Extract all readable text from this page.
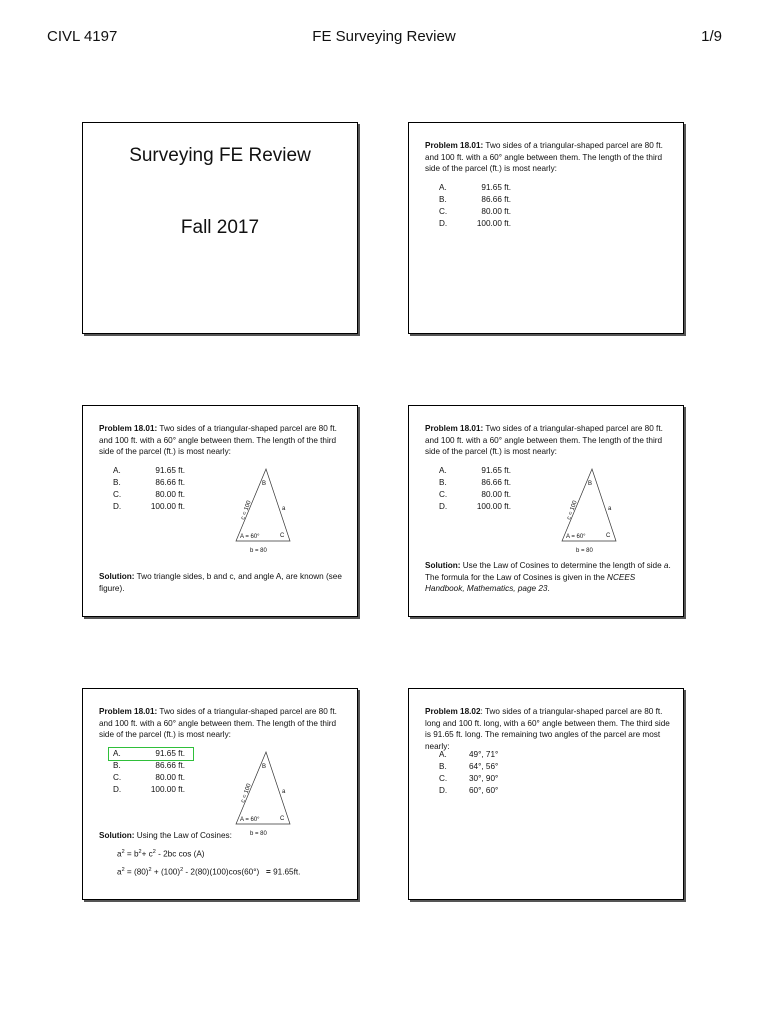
CIVL 4197	FE Surveying Review	1/9
Surveying FE Review
Fall 2017
Problem 18.01: Two sides of a triangular-shaped parcel are 80 ft. and 100 ft. with a 60° angle between them. The length of the third side of the parcel (ft.) is most nearly:
A.	91.65 ft.
B.	86.66 ft.
C.	80.00 ft.
D.	100.00 ft.
Problem 18.01: Two sides of a triangular-shaped parcel are 80 ft. and 100 ft. with a 60° angle between them. The length of the third side of the parcel (ft.) is most nearly:
A.	91.65 ft.
B.	86.66 ft.
C.	80.00 ft.
D.	100.00 ft.
B
a
c = 100
A = 60°	C
b = 80
Solution: Two triangle sides, b and c, and angle A, are known (see figure).
Problem 18.01: Two sides of a triangular-shaped parcel are 80 ft. and 100 ft. with a 60° angle between them. The length of the third side of the parcel (ft.) is most nearly:
A.	91.65 ft.
B.	86.66 ft.
C.	80.00 ft.
D.	100.00 ft.
B
a
c = 100
A = 60°	C
b = 80
Solution: Use the Law of Cosines to determine the length of side a. The formula for the Law of Cosines is given in the NCEES Handbook, Mathematics, page 23.
Problem 18.01: Two sides of a triangular-shaped parcel are 80 ft. and 100 ft. with a 60° angle between them. The length of the third side of the parcel (ft.) is most nearly:
A.	91.65 ft.
B.	86.66 ft.
C.	80.00 ft.
D.	100.00 ft.
B
a
c = 100
A = 60°	C
b = 80
Solution: Using the Law of Cosines:
$a^2 = b^2+ c^2 - 2bc$ cos (A)
$a^2 = (80)^2 + (100)^2 - 2(80)(100)\cos(60^\circ) = 91.65ft$.
Problem 18.02: Two sides of a triangular-shaped parcel are 80 ft. long and 100 ft. long, with a 60° angle between them. The third side is 91.65 ft. long. The remaining two angles of the parcel are most nearly:
A.	49°, 71°
B.	64°, 56°
C.	30°, 90°
D.	60°, 60°
